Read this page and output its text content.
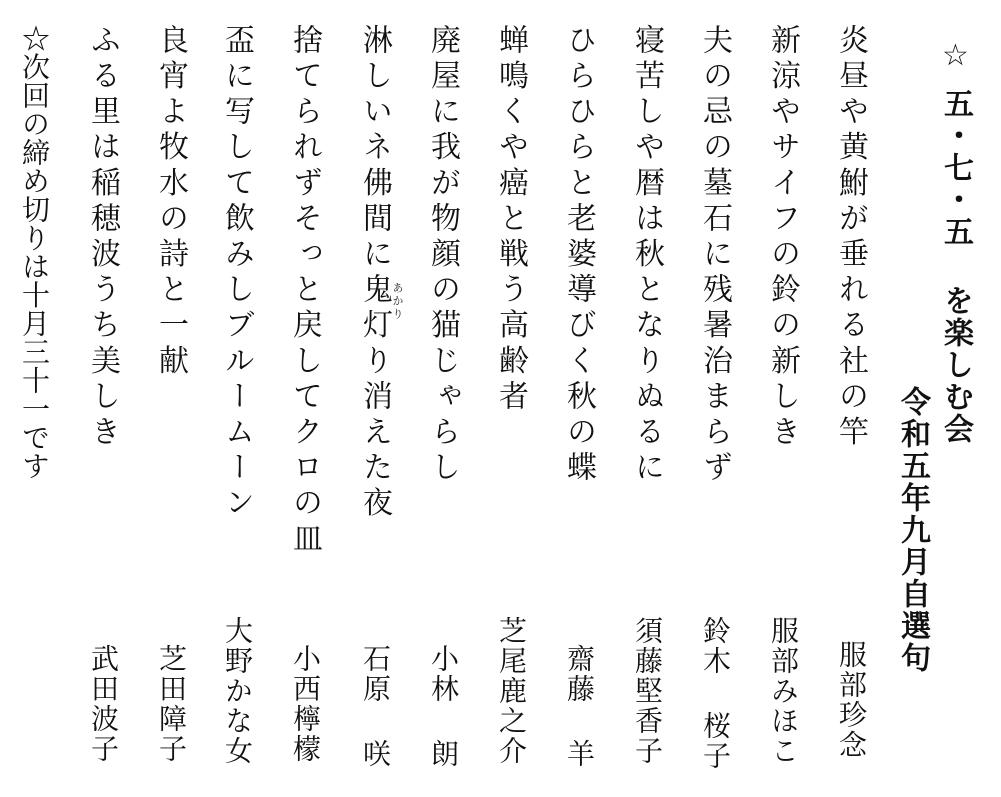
☆
五・七・五 を楽しむ会
令和五年九月自選句
炎昼や黄鮒が垂れる社の竿
服部珍念
新涼やサイフの鈴の新しき
服部みほこ
夫の忌の墓石に残暑治まらず
鈴木 桜子
寝苦しや暦は秋となりぬるに
須藤堅香子
ひらひらと老婆導びく秋の蝶
齋藤 羊
蝉鳴くや癌と戦う高齢者
芝尾鹿之介
廃屋に我が物顔の猫じゃらし
小林 朗
淋しいネ佛間に鬼灯り消えた夜 あかり
石原 咲
捨てられずそっと戻してクロの皿
小西檸檬
盃に写して飲みしブルームーン
大野かな女
良宵よ牧水の詩と一献
芝田障子
ふる里は稲穂波うち美しき
武田波子
☆次回の締め切りは十月三十一です
